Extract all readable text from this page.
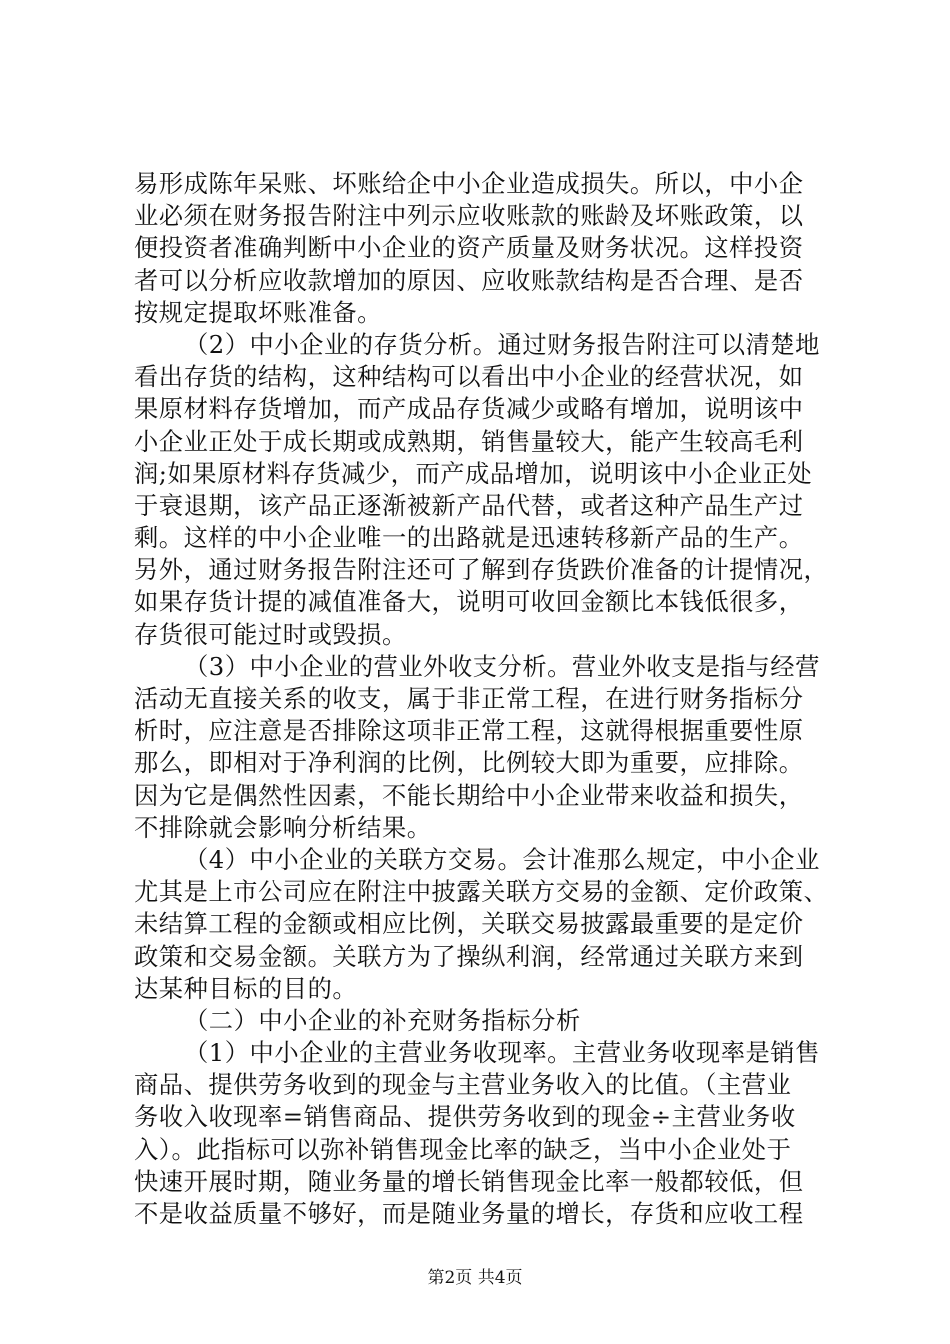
易形成陈年呆账、坏账给企中小企业造成损失。所以，中小企
业必须在财务报告附注中列示应收账款的账龄及坏账政策，以
便投资者准确判断中小企业的资产质量及财务状况。这样投资
者可以分析应收款增加的原因、应收账款结构是否合理、是否
按规定提取坏账准备。
（2）中小企业的存货分析。通过财务报告附注可以清楚地
看出存货的结构，这种结构可以看出中小企业的经营状况，如
果原材料存货增加，而产成品存货减少或略有增加，说明该中
小企业正处于成长期或成熟期，销售量较大，能产生较高毛利
润;如果原材料存货减少，而产成品增加，说明该中小企业正处
于衰退期，该产品正逐渐被新产品代替，或者这种产品生产过
剩。这样的中小企业唯一的出路就是迅速转移新产品的生产。
另外，通过财务报告附注还可了解到存货跌价准备的计提情况，
如果存货计提的减值准备大，说明可收回金额比本钱低很多，
存货很可能过时或毁损。
（3）中小企业的营业外收支分析。营业外收支是指与经营
活动无直接关系的收支，属于非正常工程，在进行财务指标分
析时，应注意是否排除这项非正常工程，这就得根据重要性原
那么，即相对于净利润的比例，比例较大即为重要，应排除。
因为它是偶然性因素，不能长期给中小企业带来收益和损失，
不排除就会影响分析结果。
（4）中小企业的关联方交易。会计准那么规定，中小企业
尤其是上市公司应在附注中披露关联方交易的金额、定价政策、
未结算工程的金额或相应比例，关联交易披露最重要的是定价
政策和交易金额。关联方为了操纵利润，经常通过关联方来到
达某种目标的目的。
（二）中小企业的补充财务指标分析
（1）中小企业的主营业务收现率。主营业务收现率是销售
商品、提供劳务收到的现金与主营业务收入的比值。（主营业
务收入收现率=销售商品、提供劳务收到的现金÷主营业务收
入）。此指标可以弥补销售现金比率的缺乏，当中小企业处于
快速开展时期，随业务量的增长销售现金比率一般都较低，但
不是收益质量不够好，而是随业务量的增长，存货和应收工程
第2页 共4页
